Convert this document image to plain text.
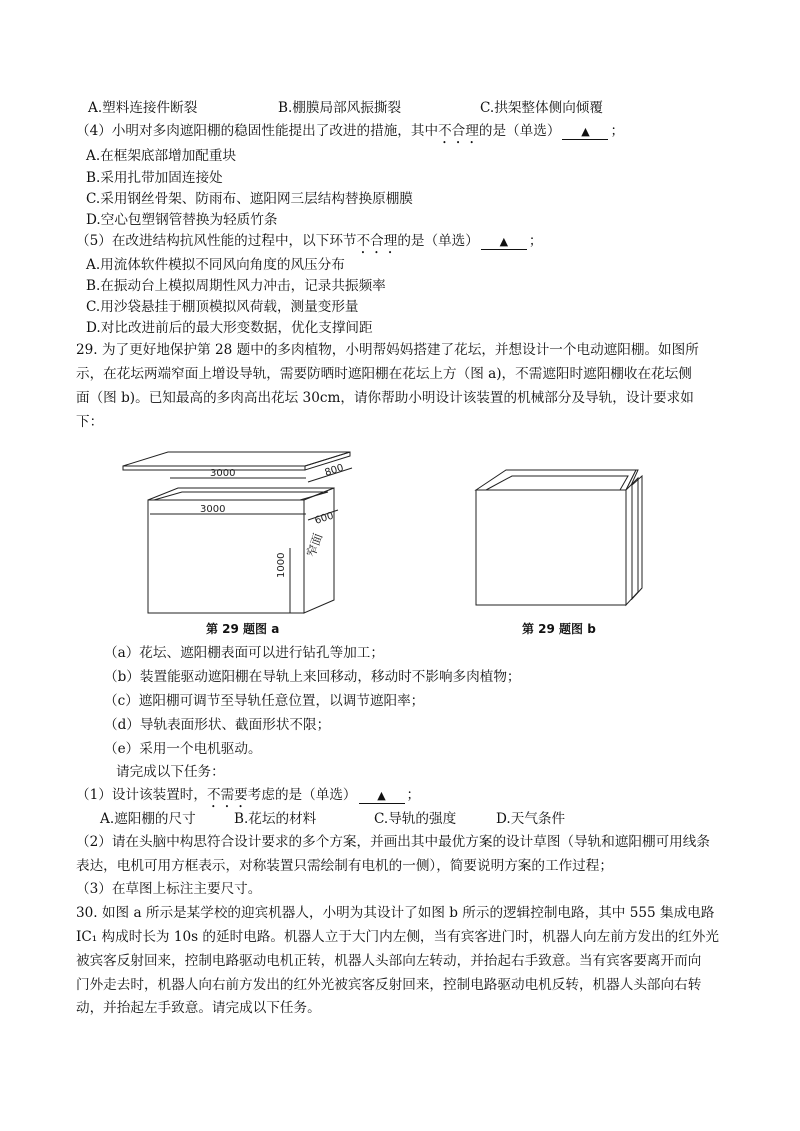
A.塑料连接件断裂	B.棚膜局部风振撕裂	C.拱架整体侧向倾覆
（4）小明对多肉遮阳棚的稳固性能提出了改进的措施，其中不合理的是（单选） ▲ ；
A.在框架底部增加配重块
B.采用扎带加固连接处
C.采用钢丝骨架、防雨布、遮阳网三层结构替换原棚膜
D.空心包塑钢管替换为轻质竹条
（5）在改进结构抗风性能的过程中，以下环节不合理的是（单选） ▲ ；
A.用流体软件模拟不同风向角度的风压分布
B.在振动台上模拟周期性风力冲击，记录共振频率
C.用沙袋悬挂于棚顶模拟风荷载，测量变形量
D.对比改进前后的最大形变数据，优化支撑间距
29. 为了更好地保护第 28 题中的多肉植物，小明帮妈妈搭建了花坛，并想设计一个电动遮阳棚。如图所
示，在花坛两端窄面上增设导轨，需要防晒时遮阳棚在花坛上方（图 a)，不需遮阳时遮阳棚收在花坛侧
面（图 b)。已知最高的多肉高出花坛 30cm，请你帮助小明设计该装置的机械部分及导轨，设计要求如
下：
3000	800
3000
600
1000
窄面
第 29 题图 a	第 29 题图 b
（a）花坛、遮阳棚表面可以进行钻孔等加工；
（b）装置能驱动遮阳棚在导轨上来回移动，移动时不影响多肉植物；
（c）遮阳棚可调节至导轨任意位置，以调节遮阳率；
（d）导轨表面形状、截面形状不限；
（e）采用一个电机驱动。
请完成以下任务：
（1）设计该装置时，不需要考虑的是（单选） ▲ ；
A.遮阳棚的尺寸	B.花坛的材料	C.导轨的强度	D.天气条件
（2）请在头脑中构思符合设计要求的多个方案，并画出其中最优方案的设计草图（导轨和遮阳棚可用线条
表达，电机可用方框表示，对称装置只需绘制有电机的一侧），简要说明方案的工作过程；
（3）在草图上标注主要尺寸。
30. 如图 a 所示是某学校的迎宾机器人，小明为其设计了如图 b 所示的逻辑控制电路，其中 555 集成电路
IC₁ 构成时长为 10s 的延时电路。机器人立于大门内左侧，当有宾客进门时，机器人向左前方发出的红外光
被宾客反射回来，控制电路驱动电机正转，机器人头部向左转动，并抬起右手致意。当有宾客要离开而向
门外走去时，机器人向右前方发出的红外光被宾客反射回来，控制电路驱动电机反转，机器人头部向右转
动，并抬起左手致意。请完成以下任务。
